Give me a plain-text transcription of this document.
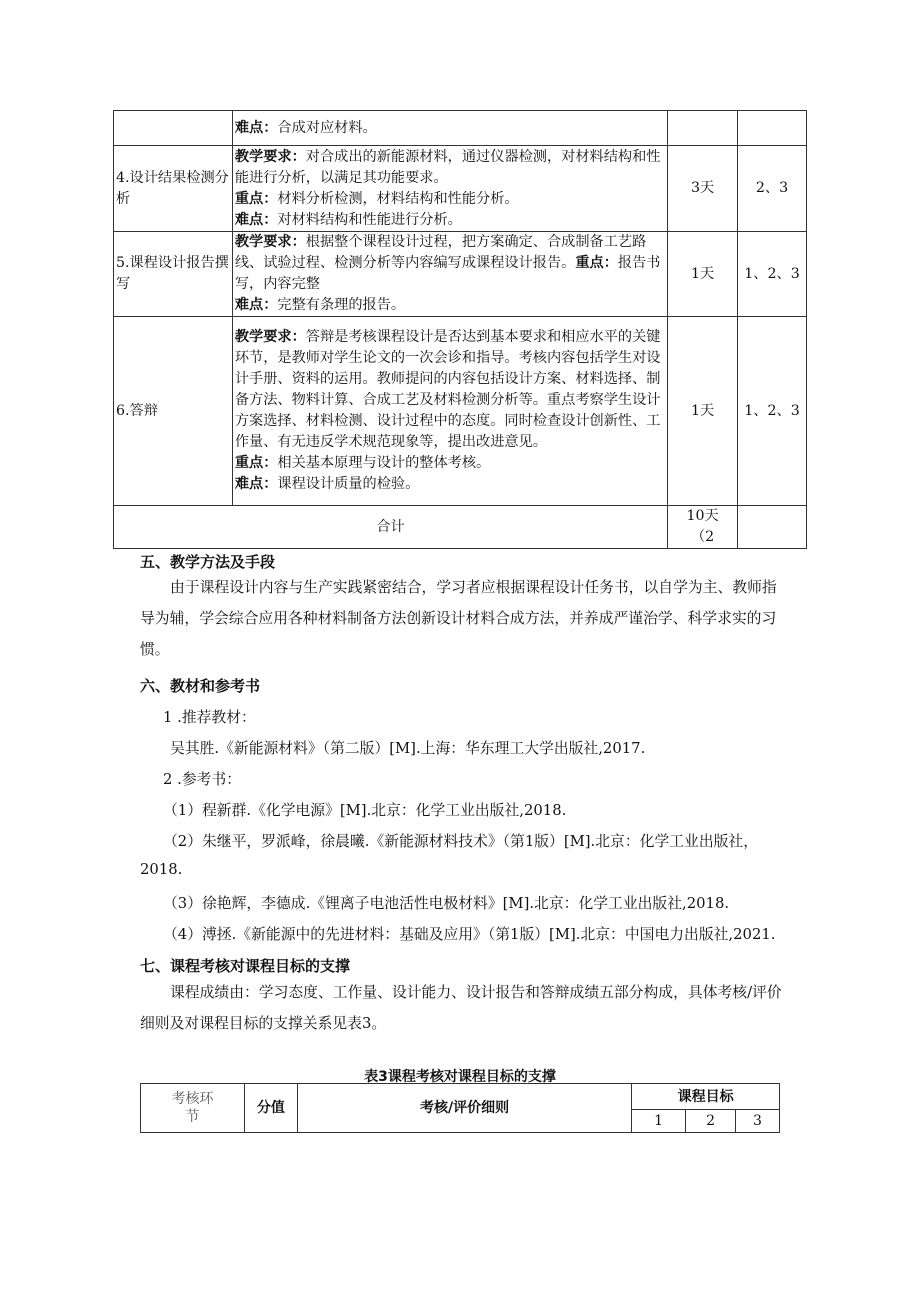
	难点：合成对应材料。		
4.设计结果检测分析	教学要求：对合成出的新能源材料，通过仪器检测，对材料结构和性能进行分析，以满足其功能要求。
重点：材料分析检测，材料结构和性能分析。
难点：对材料结构和性能进行分析。	3天	2、3
5.课程设计报告撰写	教学要求：根据整个课程设计过程，把方案确定、合成制备工艺路线、试验过程、检测分析等内容编写成课程设计报告。重点：报告书写，内容完整
难点：完整有条理的报告。	1天	1、2、3
6.答辩	教学要求：答辩是考核课程设计是否达到基本要求和相应水平的关键环节，是教师对学生论文的一次会诊和指导。考核内容包括学生对设计手册、资料的运用。教师提问的内容包括设计方案、材料选择、制备方法、物料计算、合成工艺及材料检测分析等。重点考察学生设计方案选择、材料检测、设计过程中的态度。同时检查设计创新性、工作量、有无违反学术规范现象等，提出改进意见。
重点：相关基本原理与设计的整体考核。
难点：课程设计质量的检验。	1天	1、2、3
合计		10天
（2	

五、教学方法及手段
由于课程设计内容与生产实践紧密结合，学习者应根据课程设计任务书，以自学为主、教师指导为辅，学会综合应用各种材料制备方法创新设计材料合成方法，并养成严谨治学、科学求实的习惯。
六、教材和参考书
1 .推荐教材：
吴其胜.《新能源材料》（第二版）[M].上海：华东理工大学出版社,2017.
2 .参考书：
（1）程新群.《化学电源》[M].北京：化学工业出版社,2018.
（2）朱继平，罗派峰，徐晨曦.《新能源材料技术》（第1版）[M].北京：化学工业出版社，
2018.
（3）徐艳辉，李德成.《锂离子电池活性电极材料》[M].北京：化学工业出版社,2018.
（4）溥拯.《新能源中的先进材料：基础及应用》（第1版）[M].北京：中国电力出版社,2021.
七、课程考核对课程目标的支撑
课程成绩由：学习态度、工作量、设计能力、设计报告和答辩成绩五部分构成，具体考核/评价细则及对课程目标的支撑关系见表3。
表3课程考核对课程目标的支撑
考核环节	分值	考核/评价细则	课程目标		
			1	2	3
